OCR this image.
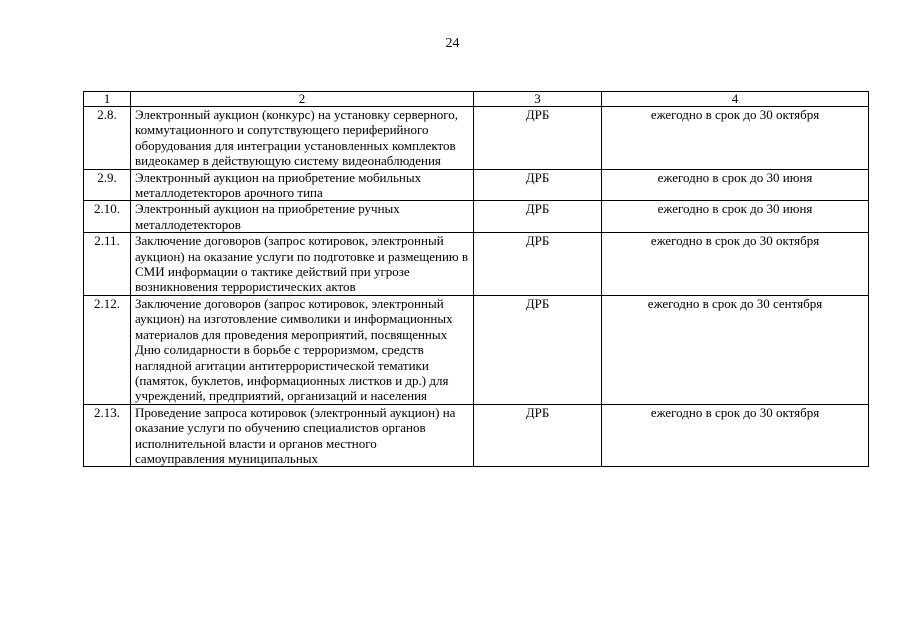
24
1	2	3	4
2.8.	Электронный аукцион (конкурс) на установку серверного, коммутационного и сопутствующего периферийного оборудования для интеграции установленных комплектов видеокамер в действующую систему видеонаблюдения	ДРБ	ежегодно в срок до 30 октября
2.9.	Электронный аукцион на приобретение мобильных металлодетекторов арочного типа	ДРБ	ежегодно в срок до 30 июня
2.10.	Электронный аукцион на приобретение ручных металлодетекторов	ДРБ	ежегодно в срок до 30 июня
2.11.	Заключение договоров (запрос котировок, электронный аукцион) на оказание услуги по подготовке и размещению в СМИ информации о тактике действий при угрозе возникновения террористических актов	ДРБ	ежегодно в срок до 30 октября
2.12.	Заключение договоров (запрос котировок, электронный аукцион) на изготовление символики и информационных материалов для проведения мероприятий, посвященных Дню солидарности в борьбе с терроризмом, средств наглядной агитации антитеррористической тематики (памяток, буклетов, информационных листков и др.) для учреждений, предприятий, организаций и населения	ДРБ	ежегодно в срок до 30 сентября
2.13.	Проведение запроса котировок (электронный аукцион) на оказание услуги по обучению специалистов органов исполнительной власти и органов местного самоуправления муниципальных	ДРБ	ежегодно в срок до 30 октября
